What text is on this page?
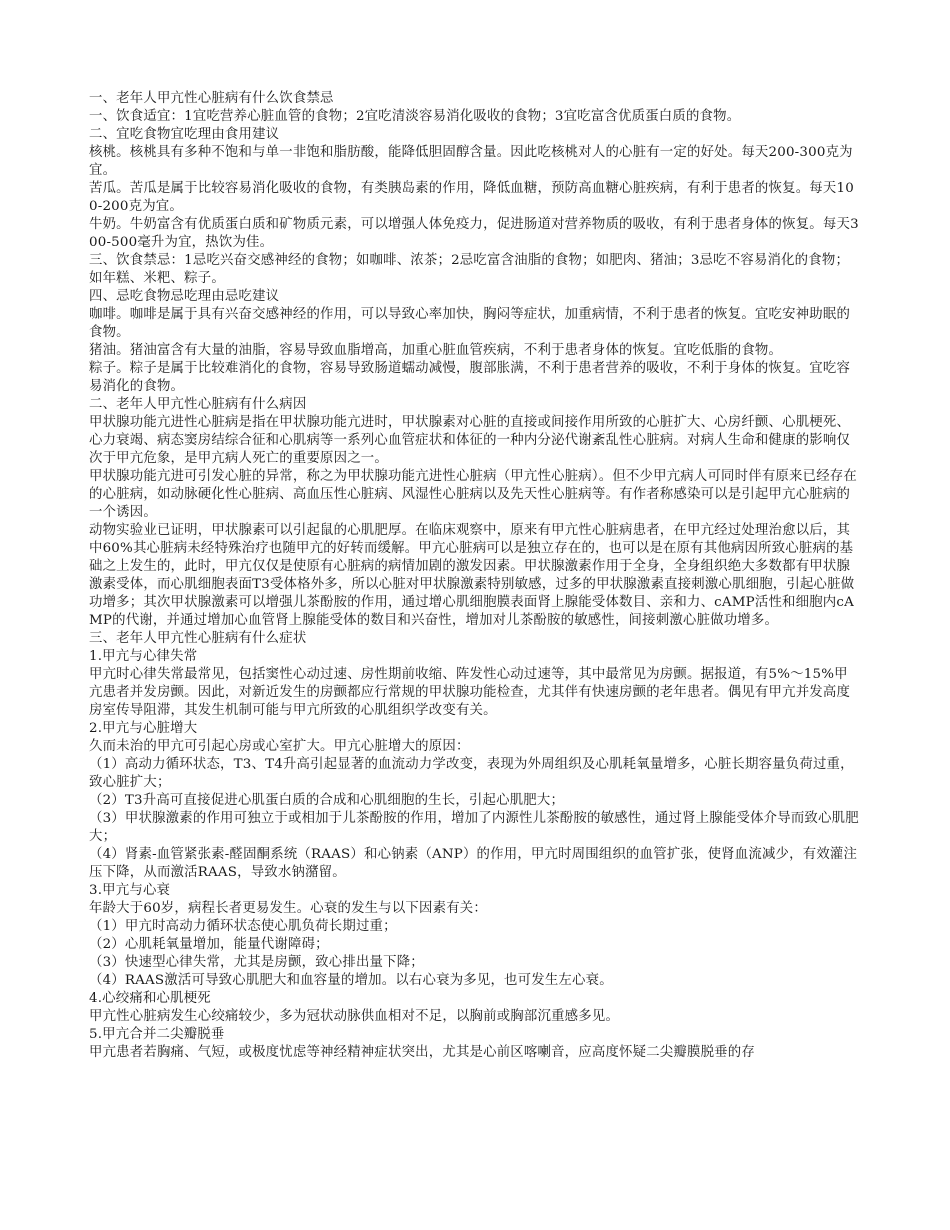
一、老年人甲亢性心脏病有什么饮食禁忌

一、饮食适宜：1宜吃营养心脏血管的食物；2宜吃清淡容易消化吸收的食物；3宜吃富含优质蛋白质的食物。

二、宜吃食物宜吃理由食用建议

核桃。核桃具有多种不饱和与单一非饱和脂肪酸，能降低胆固醇含量。因此吃核桃对人的心脏有一定的好处。每天200-300克为宜。

苦瓜。苦瓜是属于比较容易消化吸收的食物，有类胰岛素的作用，降低血糖，预防高血糖心脏疾病，有利于患者的恢复。每天100-200克为宜。

牛奶。牛奶富含有优质蛋白质和矿物质元素，可以增强人体免疫力，促进肠道对营养物质的吸收，有利于患者身体的恢复。每天300-500毫升为宜，热饮为佳。

三、饮食禁忌：1忌吃兴奋交感神经的食物；如咖啡、浓茶；2忌吃富含油脂的食物；如肥肉、猪油；3忌吃不容易消化的食物；如年糕、米粑、粽子。

四、忌吃食物忌吃理由忌吃建议

咖啡。咖啡是属于具有兴奋交感神经的作用，可以导致心率加快，胸闷等症状，加重病情，不利于患者的恢复。宜吃安神助眠的食物。

猪油。猪油富含有大量的油脂，容易导致血脂增高，加重心脏血管疾病，不利于患者身体的恢复。宜吃低脂的食物。

粽子。粽子是属于比较难消化的食物，容易导致肠道蠕动减慢，腹部胀满，不利于患者营养的吸收，不利于身体的恢复。宜吃容易消化的食物。

二、老年人甲亢性心脏病有什么病因

甲状腺功能亢进性心脏病是指在甲状腺功能亢进时，甲状腺素对心脏的直接或间接作用所致的心脏扩大、心房纤颤、心肌梗死、心力衰竭、病态窦房结综合征和心肌病等一系列心血管症状和体征的一种内分泌代谢紊乱性心脏病。对病人生命和健康的影响仅次于甲亢危象，是甲亢病人死亡的重要原因之一。

甲状腺功能亢进可引发心脏的异常，称之为甲状腺功能亢进性心脏病（甲亢性心脏病）。但不少甲亢病人可同时伴有原来已经存在的心脏病，如动脉硬化性心脏病、高血压性心脏病、风湿性心脏病以及先天性心脏病等。有作者称感染可以是引起甲亢心脏病的一个诱因。

动物实验业已证明，甲状腺素可以引起鼠的心肌肥厚。在临床观察中，原来有甲亢性心脏病患者，在甲亢经过处理治愈以后，其中60%其心脏病未经特殊治疗也随甲亢的好转而缓解。甲亢心脏病可以是独立存在的，也可以是在原有其他病因所致心脏病的基础之上发生的，此时，甲亢仅仅是使原有心脏病的病情加剧的激发因素。甲状腺激素作用于全身，全身组织绝大多数都有甲状腺激素受体，而心肌细胞表面T3受体格外多，所以心脏对甲状腺激素特别敏感，过多的甲状腺激素直接刺激心肌细胞，引起心脏做功增多；其次甲状腺激素可以增强儿茶酚胺的作用，通过增心肌细胞膜表面肾上腺能受体数目、亲和力、cAMP活性和细胞内cAMP的代谢，并通过增加心血管肾上腺能受体的数目和兴奋性，增加对儿茶酚胺的敏感性，间接刺激心脏做功增多。

三、老年人甲亢性心脏病有什么症状

1.甲亢与心律失常

甲亢时心律失常最常见，包括窦性心动过速、房性期前收缩、阵发性心动过速等，其中最常见为房颤。据报道，有5%～15%甲亢患者并发房颤。因此，对新近发生的房颤都应行常规的甲状腺功能检查，尤其伴有快速房颤的老年患者。偶见有甲亢并发高度房室传导阻滞，其发生机制可能与甲亢所致的心肌组织学改变有关。

2.甲亢与心脏增大

久而未治的甲亢可引起心房或心室扩大。甲亢心脏增大的原因：

（1）高动力循环状态，T3、T4升高引起显著的血流动力学改变，表现为外周组织及心肌耗氧量增多，心脏长期容量负荷过重，致心脏扩大；

（2）T3升高可直接促进心肌蛋白质的合成和心肌细胞的生长，引起心肌肥大；

（3）甲状腺激素的作用可独立于或相加于儿茶酚胺的作用，增加了内源性儿茶酚胺的敏感性，通过肾上腺能受体介导而致心肌肥大；

（4）肾素-血管紧张素-醛固酮系统（RAAS）和心钠素（ANP）的作用，甲亢时周围组织的血管扩张，使肾血流减少，有效灌注压下降，从而激活RAAS，导致水钠潴留。

3.甲亢与心衰

年龄大于60岁，病程长者更易发生。心衰的发生与以下因素有关：

（1）甲亢时高动力循环状态使心肌负荷长期过重；

（2）心肌耗氧量增加，能量代谢障碍；

（3）快速型心律失常，尤其是房颤，致心排出量下降；

（4）RAAS激活可导致心肌肥大和血容量的增加。以右心衰为多见，也可发生左心衰。

4.心绞痛和心肌梗死

甲亢性心脏病发生心绞痛较少，多为冠状动脉供血相对不足，以胸前或胸部沉重感多见。

5.甲亢合并二尖瓣脱垂

甲亢患者若胸痛、气短，或极度忧虑等神经精神症状突出，尤其是心前区喀喇音，应高度怀疑二尖瓣膜脱垂的存
